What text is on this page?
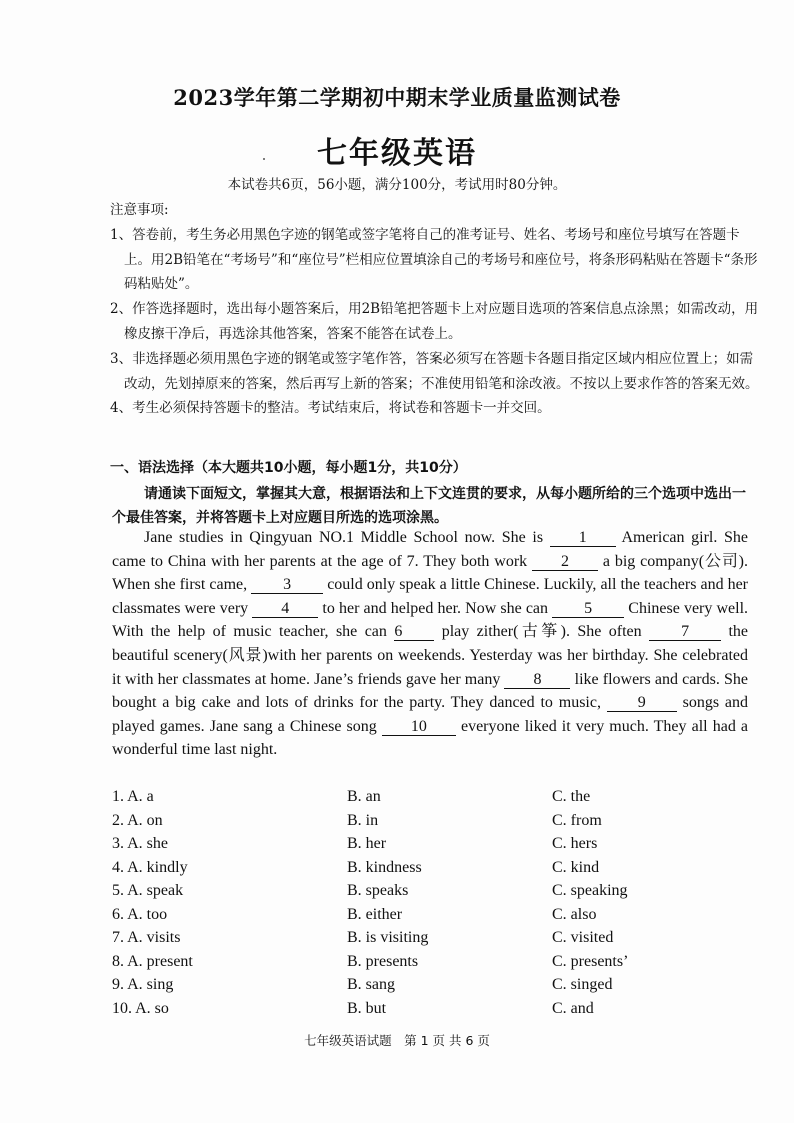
2023学年第二学期初中期末学业质量监测试卷
七年级英语
本试卷共6页，56小题，满分100分，考试用时80分钟。

注意事项:

1、答卷前，考生务必用黑色字迹的钢笔或签字笔将自己的准考证号、姓名、考场号和座位号填写在答题卡上。用2B铅笔在“考场号”和“座位号”栏相应位置填涂自己的考场号和座位号，将条形码粘贴在答题卡“条形码粘贴处”。

2、作答选择题时，选出每小题答案后，用2B铅笔把答题卡上对应题目选项的答案信息点涂黑；如需改动，用橡皮擦干净后，再选涂其他答案，答案不能答在试卷上。

3、非选择题必须用黑色字迹的钢笔或签字笔作答，答案必须写在答题卡各题目指定区域内相应位置上；如需改动，先划掉原来的答案，然后再写上新的答案；不准使用铅笔和涂改液。不按以上要求作答的答案无效。

4、考生必须保持答题卡的整洁。考试结束后，将试卷和答题卡一并交回。

一、语法选择（本大题共10小题，每小题1分，共10分）
请通读下面短文，掌握其大意，根据语法和上下文连贯的要求，从每小题所给的三个选项中选出一个最佳答案，并将答题卡上对应题目所选的选项涂黑。
Jane studies in Qingyuan NO.1 Middle School now. She is 1 American girl. She came to China with her parents at the age of 7. They both work 2 a big company(公司). When she first came, 3 could only speak a little Chinese. Luckily, all the teachers and her classmates were very 4 to her and helped her. Now she can 5 Chinese very well. With the help of music teacher, she can 6 play zither(古筝). She often 7 the beautiful scenery(风景)with her parents on weekends. Yesterday was her birthday. She celebrated it with her classmates at home. Jane’s friends gave her many 8 like flowers and cards. She bought a big cake and lots of drinks for the party. They danced to music, 9 songs and played games. Jane sang a Chinese song 10 everyone liked it very much. They all had a wonderful time last night.
1. A. a	B. an	C. the
2. A. on	B. in	C. from
3. A. she	B. her	C. hers
4. A. kindly	B. kindness	C. kind
5. A. speak	B. speaks	C. speaking
6. A. too	B. either	C. also
7. A. visits	B. is visiting	C. visited
8. A. present	B. presents	C. presents’
9. A. sing	B. sang	C. singed
10. A. so	B. but	C. and
七年级英语试题　第 1 页 共 6 页
